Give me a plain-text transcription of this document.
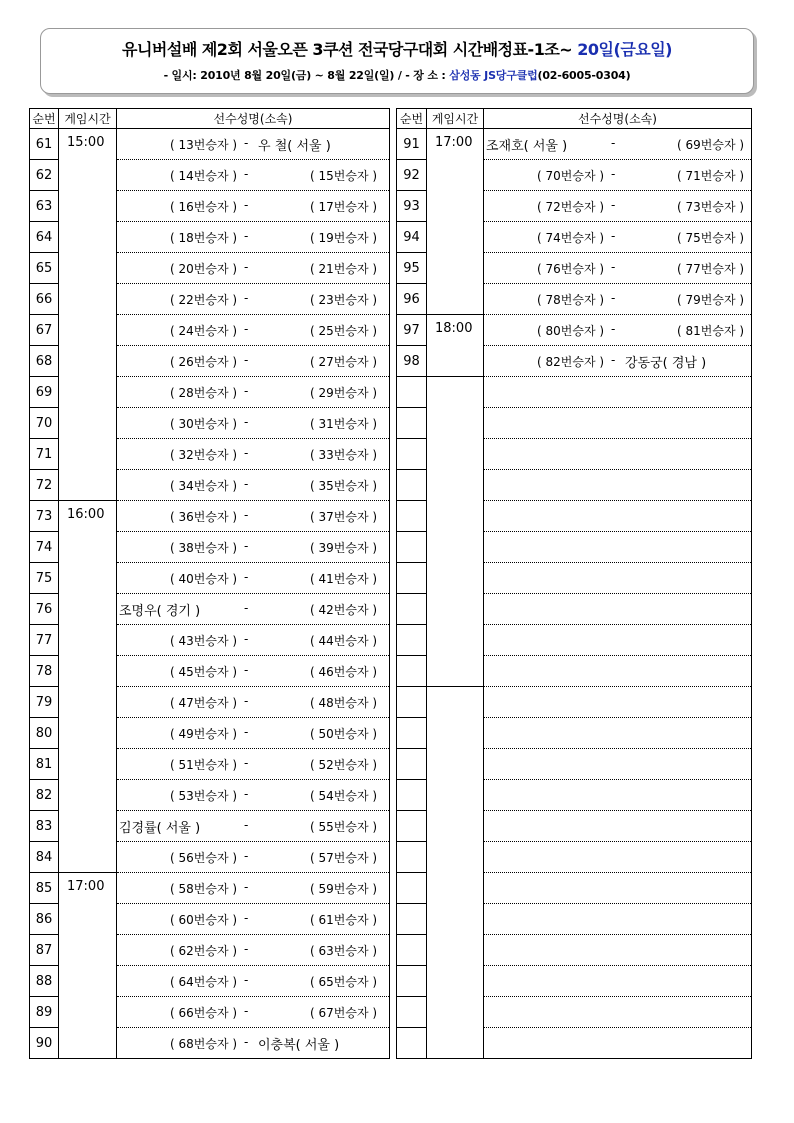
유니버설배 제2회 서울오픈 3쿠션 전국당구대회 시간배정표-1조~ 20일(금요일)
- 일시: 2010년 8월 20일(금) ~ 8월 22일(일) / - 장 소 : 삼성동 JS당구클럽(02-6005-0304)
순번	게임시간	선수성명(소속)
61	15:00	( 13번승자 ) - 우 철( 서울 )

62		( 14번승자 ) - ( 15번승자 )

63		( 16번승자 ) - ( 17번승자 )

64		( 18번승자 ) - ( 19번승자 )

65		( 20번승자 ) - ( 21번승자 )

66		( 22번승자 ) - ( 23번승자 )

67		( 24번승자 ) - ( 25번승자 )

68		( 26번승자 ) - ( 27번승자 )

69		( 28번승자 ) - ( 29번승자 )

70		( 30번승자 ) - ( 31번승자 )

71		( 32번승자 ) - ( 33번승자 )

72		( 34번승자 ) - ( 35번승자 )

73	16:00	( 36번승자 ) - ( 37번승자 )

74		( 38번승자 ) - ( 39번승자 )

75		( 40번승자 ) - ( 41번승자 )

76		조명우( 경기 ) - ( 42번승자 )

77		( 43번승자 ) - ( 44번승자 )

78		( 45번승자 ) - ( 46번승자 )

79		( 47번승자 ) - ( 48번승자 )

80		( 49번승자 ) - ( 50번승자 )

81		( 51번승자 ) - ( 52번승자 )

82		( 53번승자 ) - ( 54번승자 )

83		김경률( 서울 ) - ( 55번승자 )

84		( 56번승자 ) - ( 57번승자 )

85	17:00	( 58번승자 ) - ( 59번승자 )

86		( 60번승자 ) - ( 61번승자 )

87		( 62번승자 ) - ( 63번승자 )

88		( 64번승자 ) - ( 65번승자 )

89		( 66번승자 ) - ( 67번승자 )

90		( 68번승자 ) - 이충복( 서울 )
순번	게임시간	선수성명(소속)
91	17:00	조재호( 서울 ) - ( 69번승자 )

92		( 70번승자 ) - ( 71번승자 )

93		( 72번승자 ) - ( 73번승자 )

94		( 74번승자 ) - ( 75번승자 )

95		( 76번승자 ) - ( 77번승자 )

96		( 78번승자 ) - ( 79번승자 )

97	18:00	( 80번승자 ) - ( 81번승자 )

98		( 82번승자 ) - 강동궁( 경남 )
